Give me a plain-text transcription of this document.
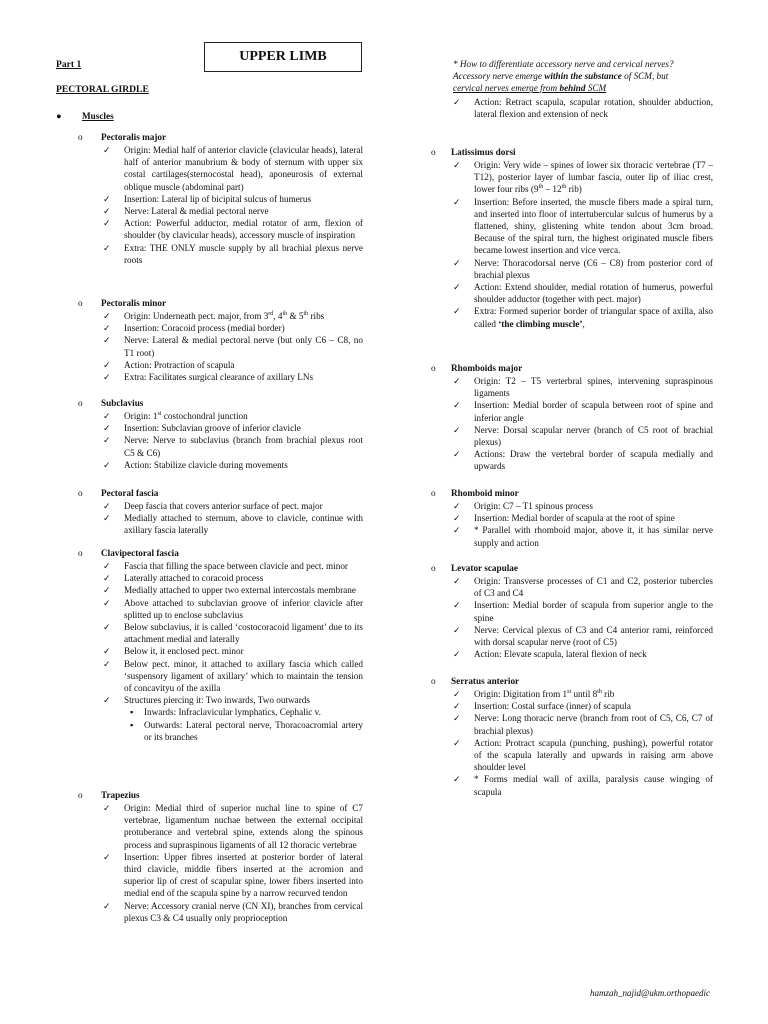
UPPER LIMB
Part 1
PECTORAL GIRDLE
● Muscles
* How to differentiate accessory nerve and cervical nerves?
Accessory nerve emerge within the substance of SCM, but
cervical nerves emerge from behind SCM
✓ Action: Retract scapula, scapular rotation, shoulder abduction, lateral flexion and extension of neck
o Pectoralis major
✓ Origin: Medial half of anterior clavicle (clavicular heads), lateral half of anterior manubrium & body of sternum with upper six costal cartilages(sternocostal head), aponeurosis of external oblique muscle (abdominal part)
✓ Insertion: Lateral lip of bicipital sulcus of humerus
✓ Nerve: Lateral & medial pectoral nerve
✓ Action: Powerful adductor, medial rotator of arm, flexion of shoulder (by clavicular heads), accessory muscle of inspiration
✓ Extra: THE ONLY muscle supply by all brachial plexus nerve roots
o Pectoralis minor
✓ Origin: Underneath pect. major, from 3rd, 4th & 5th ribs
✓ Insertion: Coracoid process (medial border)
✓ Nerve: Lateral & medial pectoral nerve (but only C6 – C8, no T1 root)
✓ Action: Protraction of scapula
✓ Extra: Facilitates surgical clearance of axillary LNs
o Subclavius
✓ Origin: 1st costochondral junction
✓ Insertion: Subclavian groove of inferior clavicle
✓ Nerve: Nerve to subclavius (branch from brachial plexus root C5 & C6)
✓ Action: Stabilize clavicle during movements
o Pectoral fascia
✓ Deep fascia that covers anterior surface of pect. major
✓ Medially attached to sternum, above to clavicle, continue with axillary fascia laterally
o Clavipectoral fascia
✓ Fascia that filling the space between clavicle and pect. minor
✓ Laterally attached to coracoid process
✓ Medially attached to upper two external intercostals membrane
✓ Above attached to subclavian groove of inferior clavicle after splitted up to enclose subclavius
✓ Below subclavius, it is called ‘costocoracoid ligament’ due to its attachment medial and laterally
✓ Below it, it enclosed pect. minor
✓ Below pect. minor, it attached to axillary fascia which called ‘suspensory ligament of axillary’ which to maintain the tension of concavityu of the axilla
✓ Structures piercing it: Two inwards, Two outwards
▪ Inwards: Infraclavicular lymphatics, Cephalic v.
▪ Outwards: Lateral pectoral nerve, Thoracoacromial artery or its branches
o Trapezius
✓ Origin: Medial third of superior nuchal line to spine of C7 vertebrae, ligamentum nuchae between the external occipital protuberance and vertebral spine, extends along the spinous process and supraspinous ligaments of all 12 thoracic vertebrae
✓ Insertion: Upper fibres inserted at posterior border of lateral third clavicle, middle fibers inserted at the acromion and superior lip of crest of scapular spine, lower fibers inserted into medial end of the scapula spine by a narrow recurved tendon
✓ Nerve: Accessory cranial nerve (CN XI), branches from cervical plexus C3 & C4 usually only proprioception
o Latissimus dorsi
✓ Origin: Very wide – spines of lower six thoracic vertebrae (T7 – T12), posterior layer of lumbar fascia, outer lip of iliac crest, lower four ribs (9th – 12th rib)
✓ Insertion: Before inserted, the muscle fibers made a spiral turn, and inserted into floor of intertubercular sulcus of humerus by a flattened, shiny, glistening white tendon about 3cm broad. Because of the spiral turn, the highest originated muscle fibers became lowest insertion and vice verca.
✓ Nerve: Thoracodorsal nerve (C6 – C8) from posterior cord of brachial plexus
✓ Action: Extend shoulder, medial rotation of humerus, powerful shoulder adductor (together with pect. major)
✓ Extra: Formed superior border of triangular space of axilla, also called ‘the climbing muscle’,
o Rhomboids major
✓ Origin: T2 – T5 verterbral spines, intervening supraspinous ligaments
✓ Insertion: Medial border of scapula between root of spine and inferior angle
✓ Nerve: Dorsal scapular nerver (branch of C5 root of brachial plexus)
✓ Actions: Draw the vertebral border of scapula medially and upwards
o Rhomboid minor
✓ Origin: C7 – T1 spinous process
✓ Insertion: Medial border of scapula at the root of spine
✓ * Parallel with rhomboid major, above it, it has similar nerve supply and action
o Levator scapulae
✓ Origin: Transverse processes of C1 and C2, posterior tubercles of C3 and C4
✓ Insertion: Medial border of scapula from superior angle to the spine
✓ Nerve: Cervical plexus of C3 and C4 anterior rami, reinforced with dorsal scapular nerve (root of C5)
✓ Action: Elevate scapula, lateral flexion of neck
o Serratus anterior
✓ Origin: Digitation from 1st until 8th rib
✓ Insertion: Costal surface (inner) of scapula
✓ Nerve: Long thoracic nerve (branch from root of C5, C6, C7 of brachial plexus)
✓ Action: Protract scapula (punching, pushing), powerful rotator of the scapula laterally and upwards in raising arm above shoulder level
✓ * Forms medial wall of axilla, paralysis cause winging of scapula
hamzah_najid@ukm.orthopaedic
